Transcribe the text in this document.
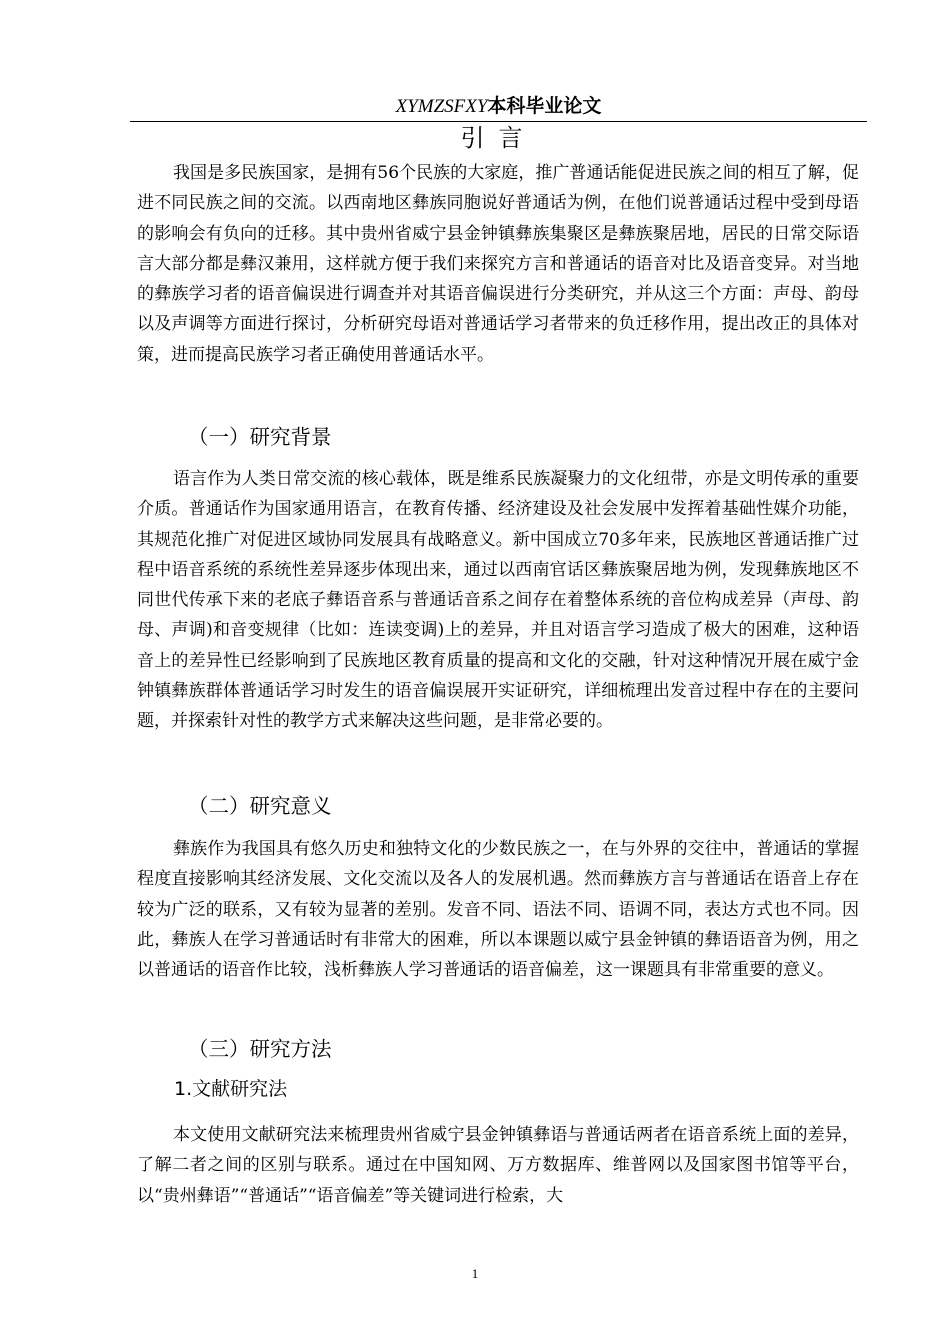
XYMZSFXY本科毕业论文
引言

我国是多民族国家，是拥有56个民族的大家庭，推广普通话能促进民族之间的相互了解，促进不同民族之间的交流。以西南地区彝族同胞说好普通话为例，在他们说普通话过程中受到母语的影响会有负向的迁移。其中贵州省威宁县金钟镇彝族集聚区是彝族聚居地，居民的日常交际语言大部分都是彝汉兼用，这样就方便于我们来探究方言和普通话的语音对比及语音变异。对当地的彝族学习者的语音偏误进行调查并对其语音偏误进行分类研究，并从这三个方面：声母、韵母以及声调等方面进行探讨，分析研究母语对普通话学习者带来的负迁移作用，提出改正的具体对策，进而提高民族学习者正确使用普通话水平。

（一）研究背景

语言作为人类日常交流的核心载体，既是维系民族凝聚力的文化纽带，亦是文明传承的重要介质。普通话作为国家通用语言，在教育传播、经济建设及社会发展中发挥着基础性媒介功能，其规范化推广对促进区域协同发展具有战略意义。新中国成立70多年来，民族地区普通话推广过程中语音系统的系统性差异逐步体现出来，通过以西南官话区彝族聚居地为例，发现彝族地区不同世代传承下来的老底子彝语音系与普通话音系之间存在着整体系统的音位构成差异（声母、韵母、声调)和音变规律（比如：连读变调)上的差异，并且对语言学习造成了极大的困难，这种语音上的差异性已经影响到了民族地区教育质量的提高和文化的交融，针对这种情况开展在威宁金钟镇彝族群体普通话学习时发生的语音偏误展开实证研究，详细梳理出发音过程中存在的主要问题，并探索针对性的教学方式来解决这些问题，是非常必要的。

（二）研究意义

彝族作为我国具有悠久历史和独特文化的少数民族之一，在与外界的交往中，普通话的掌握程度直接影响其经济发展、文化交流以及各人的发展机遇。然而彝族方言与普通话在语音上存在较为广泛的联系，又有较为显著的差别。发音不同、语法不同、语调不同，表达方式也不同。因此，彝族人在学习普通话时有非常大的困难，所以本课题以威宁县金钟镇的彝语语音为例，用之以普通话的语音作比较，浅析彝族人学习普通话的语音偏差，这一课题具有非常重要的意义。

（三）研究方法
1.文献研究法

本文使用文献研究法来梳理贵州省威宁县金钟镇彝语与普通话两者在语音系统上面的差异，了解二者之间的区别与联系。通过在中国知网、万方数据库、维普网以及国家图书馆等平台，以“贵州彝语”“普通话”“语音偏差”等关键词进行检索，大

1
